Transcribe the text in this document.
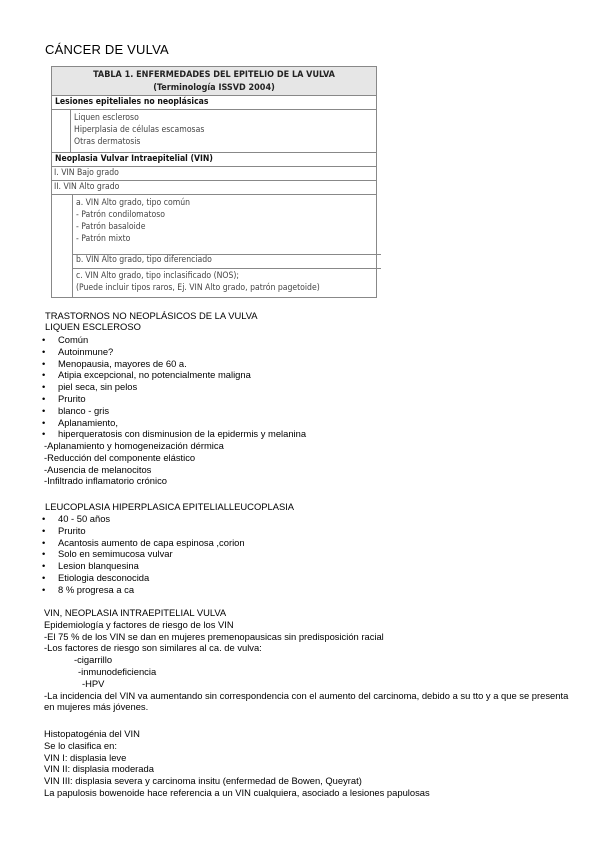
CÁNCER DE VULVA
TABLA 1. ENFERMEDADES DEL EPITELIO DE LA VULVA
(Terminología ISSVD 2004)
Lesiones epiteliales no neoplásicas
Liquen escleroso
Hiperplasia de células escamosas
Otras dermatosis
Neoplasia Vulvar Intraepitelial (VIN)
I. VIN Bajo grado
II. VIN Alto grado
a. VIN Alto grado, tipo común
- Patrón condilomatoso
- Patrón basaloide
- Patrón mixto
b. VIN Alto grado, tipo diferenciado
c. VIN Alto grado, tipo inclasificado (NOS);
(Puede incluir tipos raros, Ej. VIN Alto grado, patrón pagetoide)
TRASTORNOS NO NEOPLÁSICOS DE LA VULVA
LIQUEN ESCLEROSO
• Común
• Autoinmune?
• Menopausia, mayores de 60 a.
• Atipia excepcional, no potencialmente maligna
• piel seca, sin pelos
• Prurito
• blanco - gris
• Aplanamiento,
• hiperqueratosis con disminusion de la epidermis y melanina
-Aplanamiento y homogeneización dérmica
-Reducción del componente elástico
-Ausencia de melanocitos
-Infiltrado inflamatorio crónico
LEUCOPLASIA HIPERPLASICA EPITELIALLEUCOPLASIA
• 40 - 50 años
• Prurito
• Acantosis aumento de capa espinosa ,corion
• Solo en semimucosa vulvar
• Lesion blanquesina
• Etiologia desconocida
• 8 % progresa a ca
VIN, NEOPLASIA INTRAEPITELIAL VULVA
Epidemiología y factores de riesgo de los VIN
-El 75 % de los VIN se dan en mujeres premenopausicas sin predisposición racial
-Los factores de riesgo son similares al ca. de vulva:
-cigarrillo
-inmunodeficiencia
-HPV
-La incidencia del VIN va aumentando sin correspondencia con el aumento del carcinoma, debido a su tto y a que se presenta
en mujeres más jóvenes.
Histopatogénia del VIN
Se lo clasifica en:
VIN I: displasia leve
VIN II: displasia moderada
VIN III: displasia severa y carcinoma insitu (enfermedad de Bowen, Queyrat)
La papulosis bowenoide hace referencia a un VIN cualquiera, asociado a lesiones papulosas
